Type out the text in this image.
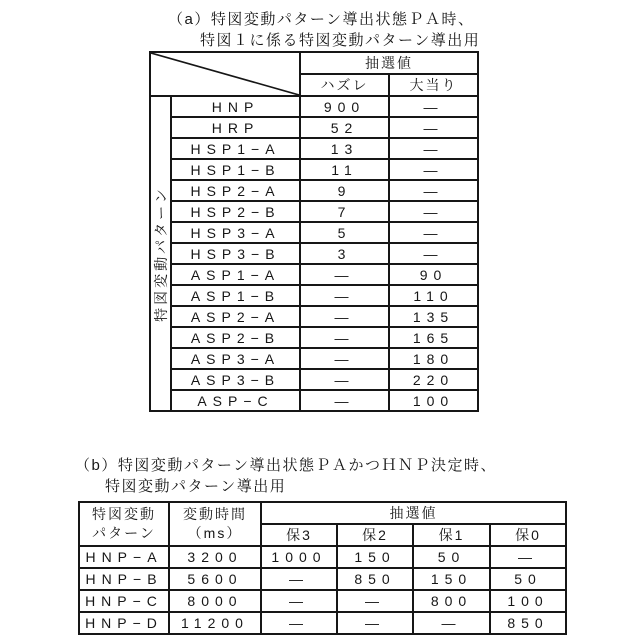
（a）特図変動パターン導出状態ＰＡ時、
特図１に係る特図変動パターン導出用
	抽選値	
		ハズレ	大当り

特図変動パターン	HNP	900	—
	HRP	52	—
	HSP1−A	13	—
	HSP1−B	11	—
	HSP2−A	9	—
	HSP2−B	7	—
	HSP3−A	5	—
	HSP3−B	3	—
	ASP1−A	—	90
	ASP1−B	—	110
	ASP2−A	—	135
	ASP2−B	—	165
	ASP3−A	—	180
	ASP3−B	—	220
	ASP−C	—	100
（b）特図変動パターン導出状態ＰＡかつＨＮＰ決定時、
特図変動パターン導出用
特図変動
パターン	変動時間
（ms）	抽選値			
		保3	保2	保1	保0
HNP−A	3200	1000	150	50	—
HNP−B	5600	—	850	150	50
HNP−C	8000	—	—	800	100
HNP−D	11200	—	—	—	850
